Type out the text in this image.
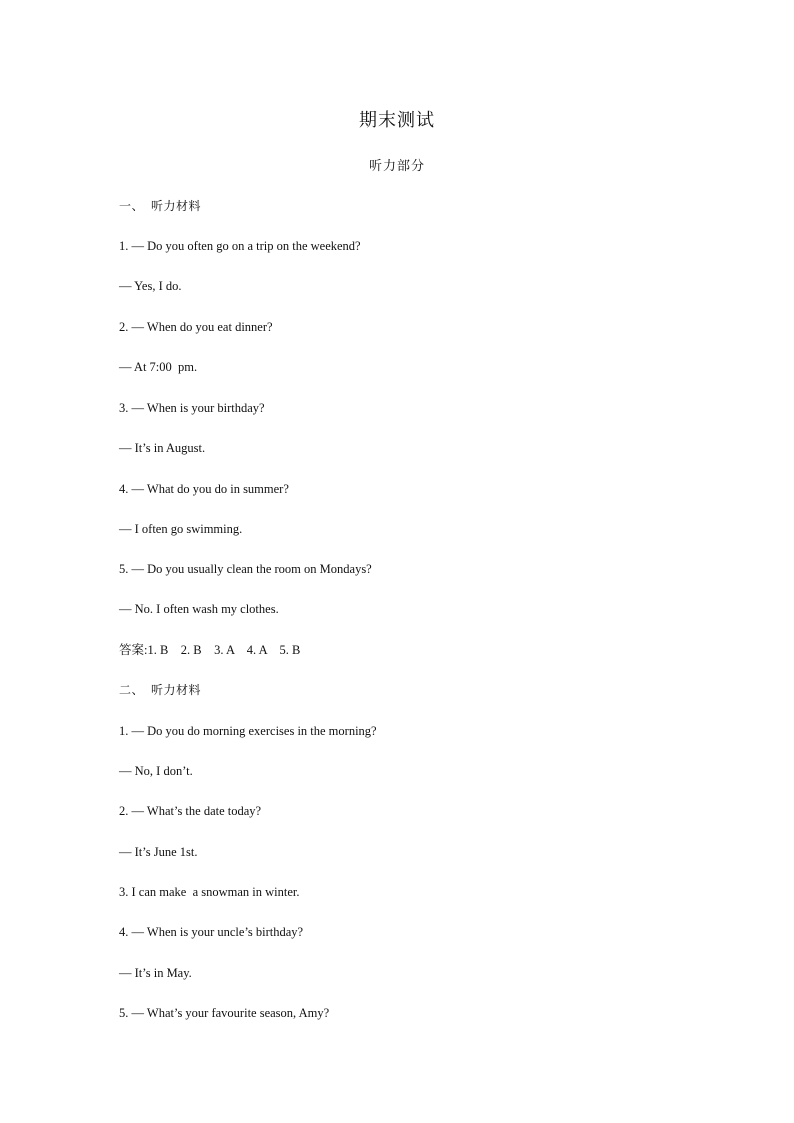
期末测试
听力部分
一、  听力材料
1. — Do you often go on a trip on the weekend?
— Yes, I do.
2. — When do you eat dinner?
— At 7:00  pm.
3. — When is your birthday?
— It’s in August.
4. — What do you do in summer?
— I often go swimming.
5. — Do you usually clean the room on Mondays?
— No. I often wash my clothes.
答案:1. B    2. B    3. A    4. A    5. B
二、  听力材料
1. — Do you do morning exercises in the morning?
— No, I don’t.
2. — What’s the date today?
— It’s June 1st.
3. I can make  a snowman in winter.
4. — When is your uncle’s birthday?
— It’s in May.
5. — What’s your favourite season, Amy?
